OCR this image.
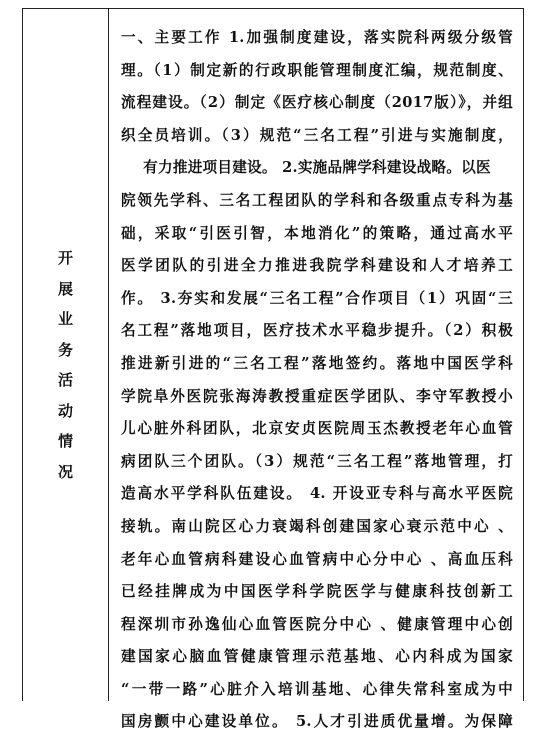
开
展
业
务
活
动
情
况
一、主要工作 1.加强制度建设，落实院科两级分级管
理。（1）制定新的行政职能管理制度汇编，规范制度、
流程建设。（2）制定《医疗核心制度（2017版）》，并组
织全员培训。（3）规范“三名工程”引进与实施制度，
有力推进项目建设。 2.实施品牌学科建设战略。以医
院领先学科、三名工程团队的学科和各级重点专科为基
础，采取“引医引智，本地消化”的策略，通过高水平
医学团队的引进全力推进我院学科建设和人才培养工
作。 3.夯实和发展“三名工程”合作项目（1）巩固“三
名工程”落地项目，医疗技术水平稳步提升。（2）积极
推进新引进的“三名工程”落地签约。落地中国医学科
学院阜外医院张海涛教授重症医学团队、李守军教授小
儿心脏外科团队，北京安贞医院周玉杰教授老年心血管
病团队三个团队。（3）规范“三名工程”落地管理，打
造高水平学科队伍建设。 4. 开设亚专科与高水平医院
接轨。南山院区心力衰竭科创建国家心衰示范中心 、
老年心血管病科建设心血管病中心分中心 、高血压科
已经挂牌成为中国医学科学院医学与健康科技创新工
程深圳市孙逸仙心血管医院分中心 、健康管理中心创
建国家心脑血管健康管理示范基地、心内科成为国家
“一带一路”心脏介入培训基地、心律失常科室成为中
国房颤中心建设单位。 5.人才引进质优量增。为保障
